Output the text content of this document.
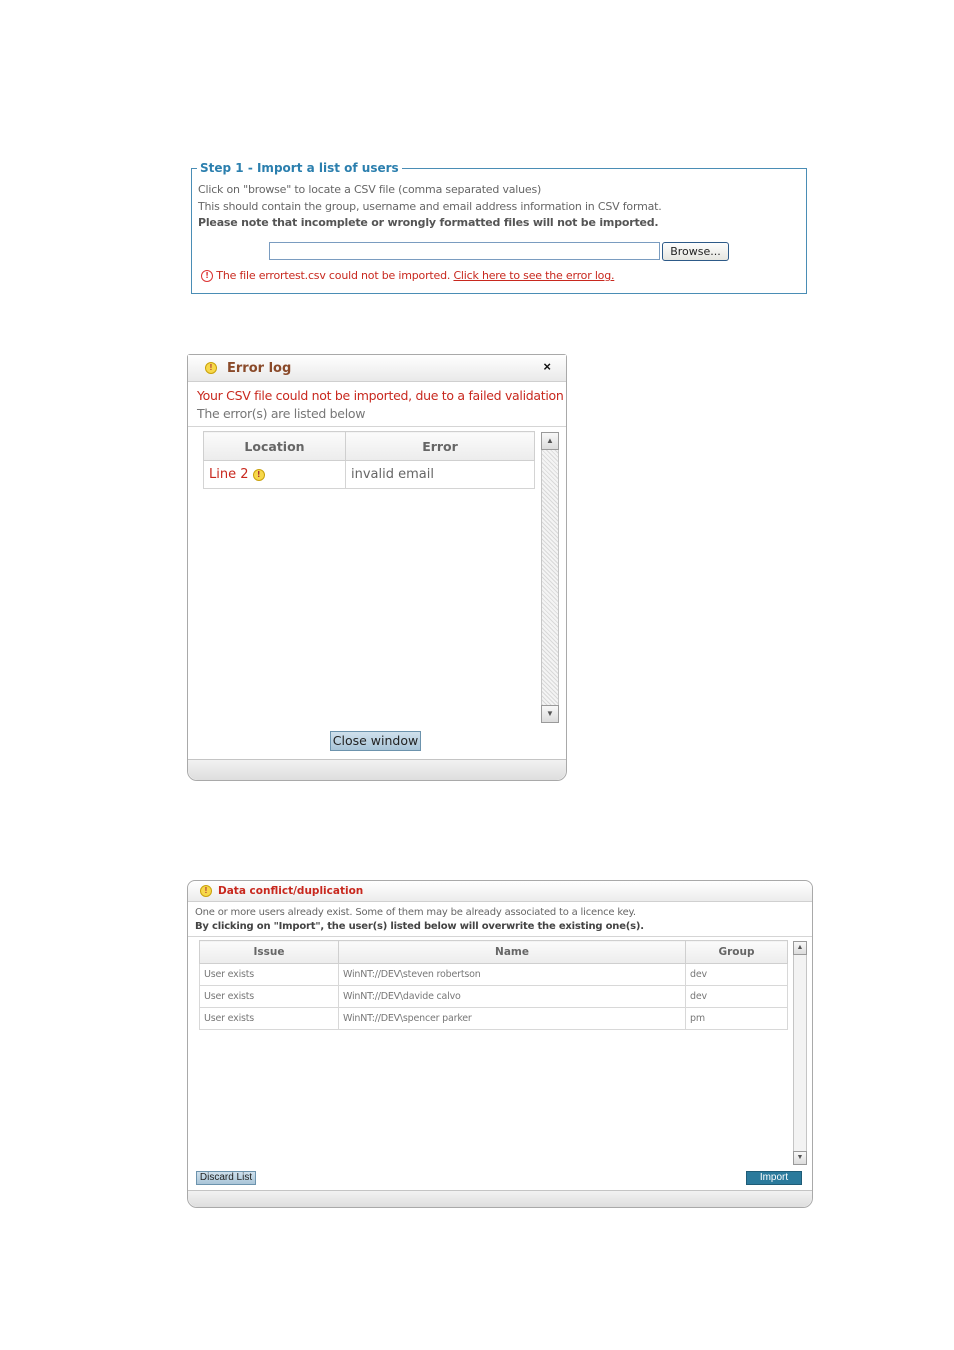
Step 1 - Import a list of users
Click on "browse" to locate a CSV file (comma separated values)
This should contain the group, username and email address information in CSV format.
Please note that incomplete or wrongly formatted files will not be imported.
Browse...
! The file errortest.csv could not be imported. Click here to see the error log.
!	Error log	×
Your CSV file could not be imported, due to a failed validation
The error(s) are listed below
Location	Error
Line 2 !	invalid email
▲
▼
Close window
!	Data conflict/duplication
One or more users already exist. Some of them may be already associated to a licence key.
By clicking on "Import", the user(s) listed below will overwrite the existing one(s).
Issue	Name	Group
User exists	WinNT://DEV\steven robertson	dev
User exists	WinNT://DEV\davide calvo	dev
User exists	WinNT://DEV\spencer parker	pm
▲
▼
Discard List	Import
